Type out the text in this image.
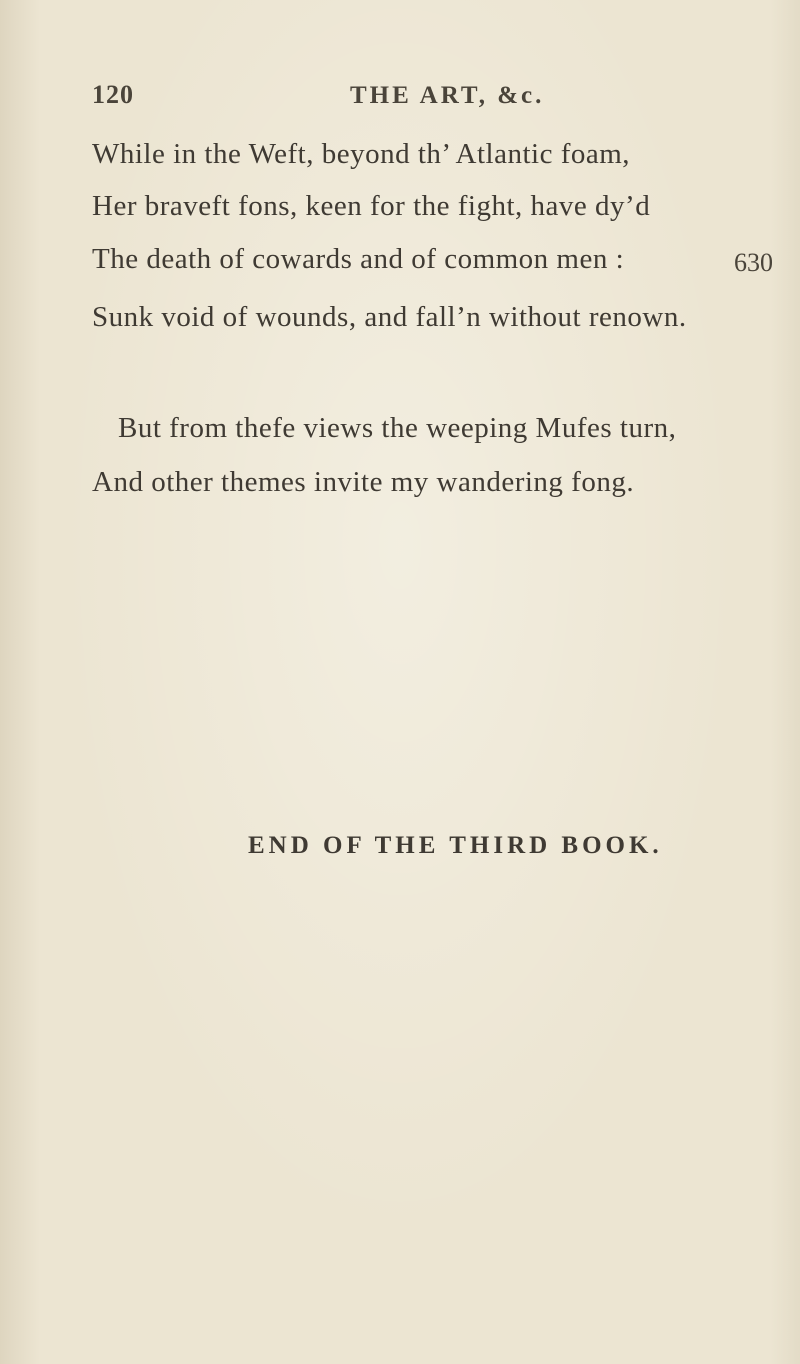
120	THE ART, &c.
While in the Weft, beyond th’ Atlantic foam,
Her braveft fons, keen for the fight, have dy’d
The death of cowards and of common men :
Sunk void of wounds, and fall’n without renown.
But from thefe views the weeping Mufes turn,
And other themes invite my wandering fong.
630
END OF THE THIRD BOOK.
